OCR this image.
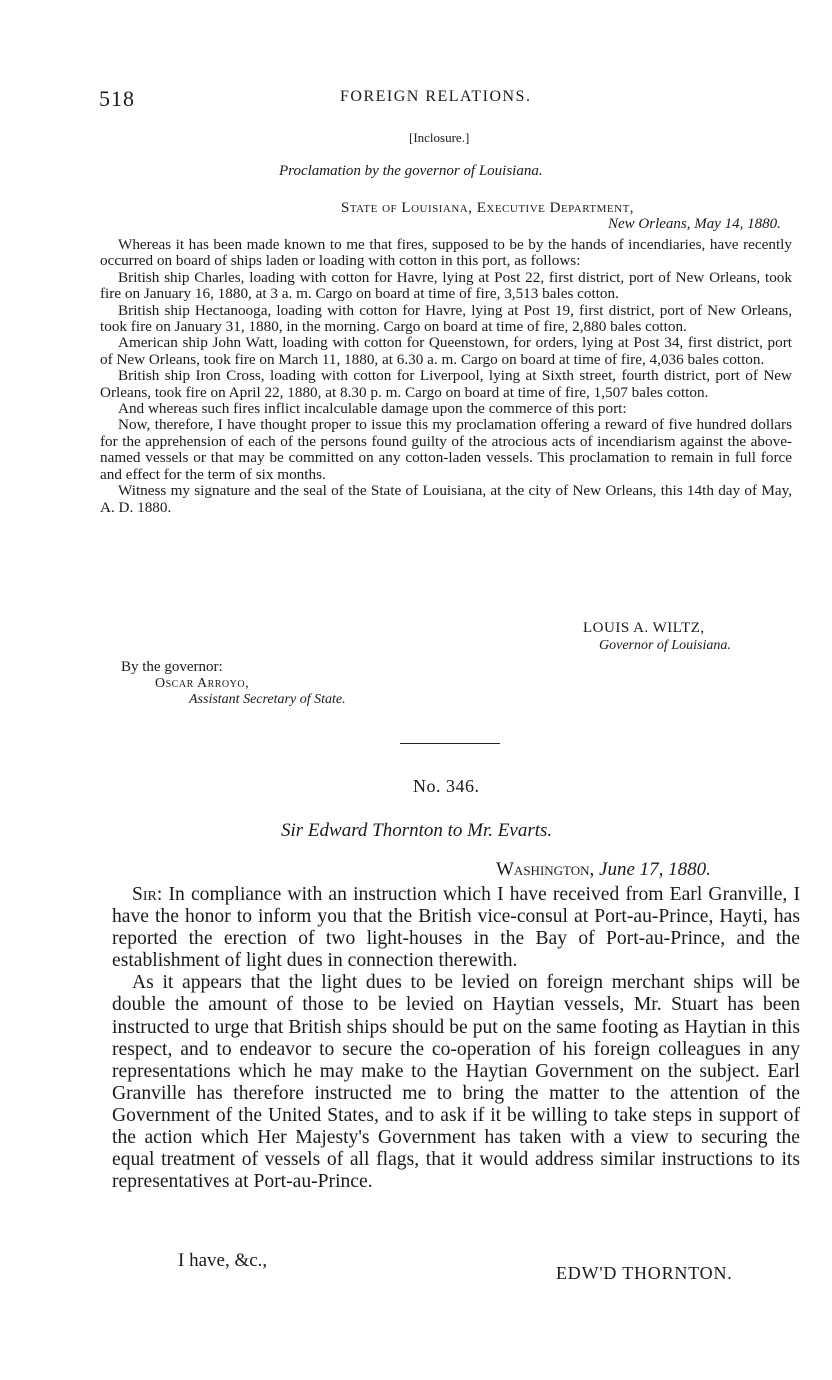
518	FOREIGN RELATIONS.
[Inclosure.]
Proclamation by the governor of Louisiana.
State of Louisiana, Executive Department,
New Orleans, May 14, 1880.

Whereas it has been made known to me that fires, supposed to be by the hands of incendiaries, have recently occurred on board of ships laden or loading with cotton in this port, as follows:

British ship Charles, loading with cotton for Havre, lying at Post 22, first district, port of New Orleans, took fire on January 16, 1880, at 3 a. m. Cargo on board at time of fire, 3,513 bales cotton.

British ship Hectanooga, loading with cotton for Havre, lying at Post 19, first district, port of New Orleans, took fire on January 31, 1880, in the morning. Cargo on board at time of fire, 2,880 bales cotton.

American ship John Watt, loading with cotton for Queenstown, for orders, lying at Post 34, first district, port of New Orleans, took fire on March 11, 1880, at 6.30 a. m. Cargo on board at time of fire, 4,036 bales cotton.

British ship Iron Cross, loading with cotton for Liverpool, lying at Sixth street, fourth district, port of New Orleans, took fire on April 22, 1880, at 8.30 p. m. Cargo on board at time of fire, 1,507 bales cotton.

And whereas such fires inflict incalculable damage upon the commerce of this port:

Now, therefore, I have thought proper to issue this my proclamation offering a reward of five hundred dollars for the apprehension of each of the persons found guilty of the atrocious acts of incendiarism against the above-named vessels or that may be committed on any cotton-laden vessels. This proclamation to remain in full force and effect for the term of six months.

Witness my signature and the seal of the State of Louisiana, at the city of New Orleans, this 14th day of May, A. D. 1880.

LOUIS A. WILTZ,
Governor of Louisiana.
By the governor:
Oscar Arroyo,
Assistant Secretary of State.
No. 346.
Sir Edward Thornton to Mr. Evarts.
Washington, June 17, 1880.

Sir: In compliance with an instruction which I have received from Earl Granville, I have the honor to inform you that the British vice-consul at Port-au-Prince, Hayti, has reported the erection of two light-houses in the Bay of Port-au-Prince, and the establishment of light dues in connection therewith.

As it appears that the light dues to be levied on foreign merchant ships will be double the amount of those to be levied on Haytian vessels, Mr. Stuart has been instructed to urge that British ships should be put on the same footing as Haytian in this respect, and to endeavor to secure the co-operation of his foreign colleagues in any representations which he may make to the Haytian Government on the subject. Earl Granville has therefore instructed me to bring the matter to the attention of the Government of the United States, and to ask if it be willing to take steps in support of the action which Her Majesty's Government has taken with a view to securing the equal treatment of vessels of all flags, that it would address similar instructions to its representatives at Port-au-Prince.

I have, &c.,
EDW'D THORNTON.
